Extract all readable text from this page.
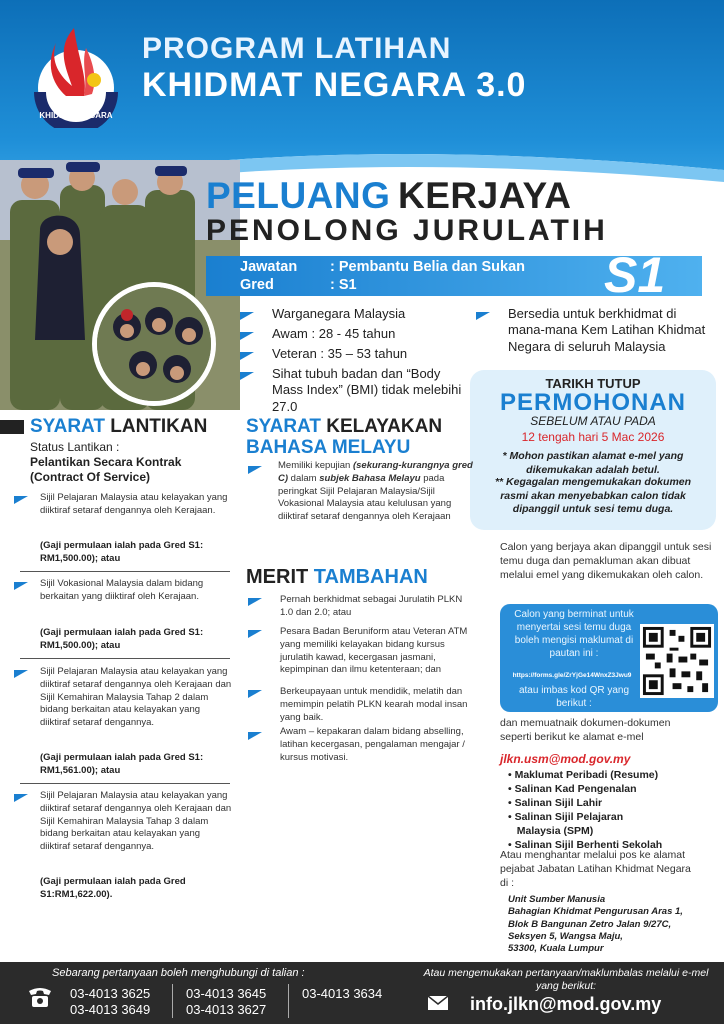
KHIDMAT NEGARA
PROGRAM LATIHAN
KHIDMAT NEGARA 3.0
PELUANG KERJAYA
PENOLONG JURULATIH
Jawatan : Pembantu Belia dan Sukan
Gred	: S1	S1
Warganegara Malaysia
Awam : 28 - 45 tahun
Veteran : 35 – 53 tahun
Sihat tubuh badan dan “Body Mass Index” (BMI) tidak melebihi 27.0
Bersedia untuk berkhidmat di mana-mana Kem Latihan Khidmat Negara di seluruh Malaysia
TARIKH TUTUP
PERMOHONAN
SEBELUM ATAU PADA
12 tengah hari 5 Mac 2026
* Mohon pastikan alamat e-mel yang dikemukakan adalah betul.
** Kegagalan mengemukakan dokumen rasmi akan menyebabkan calon tidak dipanggil untuk sesi temu duga.
SYARAT LANTIKAN
Status Lantikan :
Pelantikan Secara Kontrak (Contract Of Service)
Sijil Pelajaran Malaysia atau kelayakan yang diiktiraf setaraf dengannya oleh Kerajaan.
(Gaji permulaan ialah pada Gred S1: RM1,500.00); atau
Sijil Vokasional Malaysia dalam bidang berkaitan yang diiktiraf oleh Kerajaan.
(Gaji permulaan ialah pada Gred S1: RM1,500.00); atau
Sijil Pelajaran Malaysia atau kelayakan yang diiktiraf setaraf dengannya oleh Kerajaan dan Sijil Kemahiran Malaysia Tahap 2 dalam bidang berkaitan atau kelayakan yang diiktiraf setaraf dengannya.
(Gaji permulaan ialah pada Gred S1: RM1,561.00); atau
Sijil Pelajaran Malaysia atau kelayakan yang diiktiraf setaraf dengannya oleh Kerajaan dan Sijil Kemahiran Malaysia Tahap 3 dalam bidang berkaitan atau kelayakan yang diiktiraf setaraf dengannya.
(Gaji permulaan ialah pada Gred S1:RM1,622.00).
SYARAT KELAYAKAN
BAHASA MELAYU
Memiliki kepujian (sekurang-kurangnya gred C) dalam subjek Bahasa Melayu pada peringkat Sijil Pelajaran Malaysia/Sijil Vokasional Malaysia atau kelulusan yang diiktiraf setaraf dengannya oleh Kerajaan
MERIT TAMBAHAN
Pernah berkhidmat sebagai Jurulatih PLKN 1.0 dan 2.0; atau
Pesara Badan Beruniform atau Veteran ATM yang memiliki kelayakan bidang kursus jurulatih kawad, kecergasan jasmani, kepimpinan dan ilmu ketenteraan; dan
Berkeupayaan untuk mendidik, melatih dan memimpin pelatih PLKN kearah modal insan yang baik.
Awam – kepakaran dalam bidang abselling, latihan kecergasan, pengalaman mengajar / kursus motivasi.
Calon yang berjaya akan dipanggil untuk sesi temu duga dan pemakluman akan dibuat melalui emel yang dikemukakan oleh calon.
Calon yang berminat untuk menyertai sesi temu duga boleh mengisi maklumat di pautan ini :
https://forms.gle/ZrYjGe14WnxZ3Jwu9
atau imbas kod QR yang berikut :
dan memuatnaik dokumen-dokumen seperti berikut ke alamat e-mel
jlkn.usm@mod.gov.my
• Maklumat Peribadi (Resume)
• Salinan Kad Pengenalan
• Salinan Sijil Lahir
• Salinan Sijil Pelajaran
Malaysia (SPM)
• Salinan Sijil Berhenti Sekolah
Atau menghantar melalui pos ke alamat pejabat Jabatan Latihan Khidmat Negara di :
Unit Sumber Manusia
Bahagian Khidmat Pengurusan Aras 1,
Blok B Bangunan Zetro Jalan 9/27C,
Seksyen 5, Wangsa Maju,
53300, Kuala Lumpur
Sebarang pertanyaan boleh menghubungi di talian :
03-4013 3625
03-4013 3649
03-4013 3645
03-4013 3627
03-4013 3634
Atau mengemukakan pertanyaan/maklumbalas melalui e-mel yang berikut:
info.jlkn@mod.gov.my
